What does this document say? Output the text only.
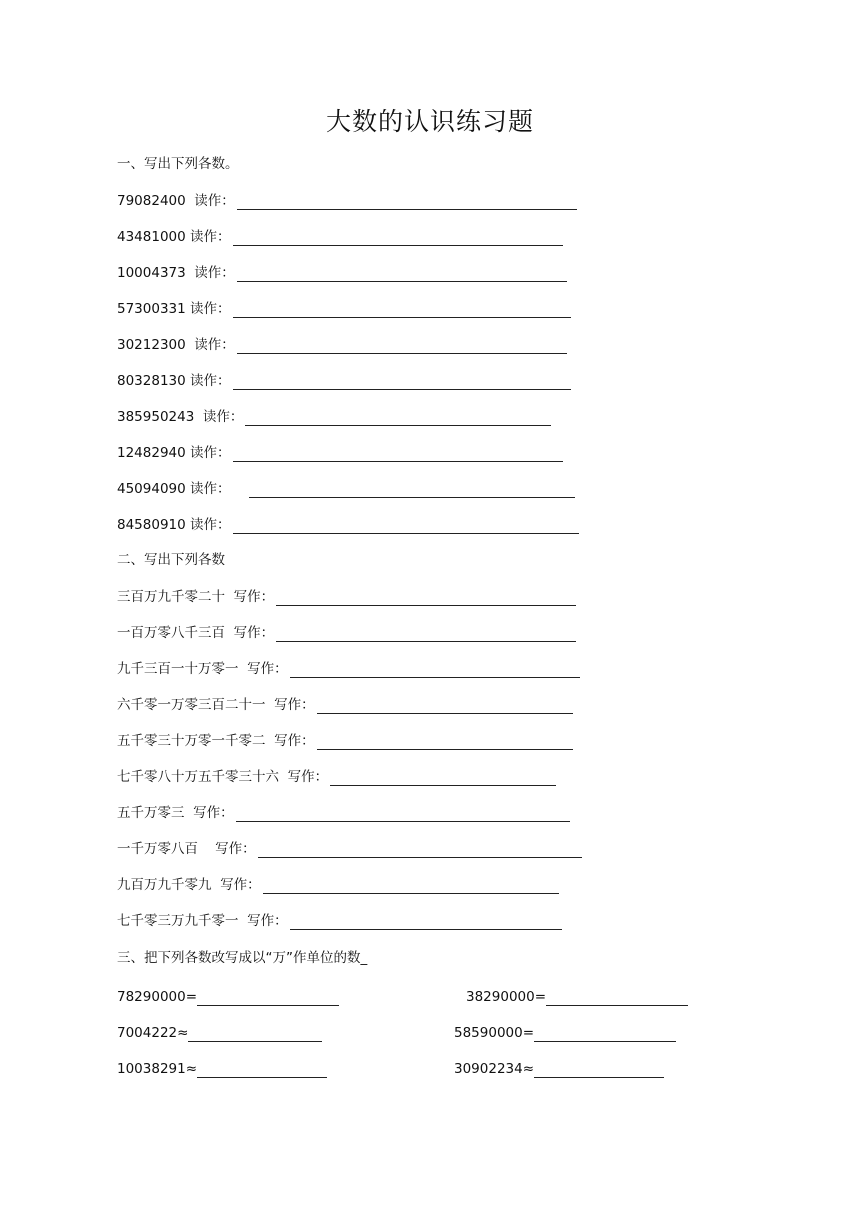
大数的认识练习题
一、写出下列各数。
79082400  读作：
43481000 读作：
10004373  读作：
57300331 读作：
30212300  读作：
80328130 读作：
385950243  读作：
12482940 读作：
45094090 读作：
84580910 读作：
二、写出下列各数
三百万九千零二十  写作：
一百万零八千三百  写作：
九千三百一十万零一  写作：
六千零一万零三百二十一  写作：
五千零三十万零一千零二  写作：
七千零八十万五千零三十六  写作：
五千万零三  写作：
一千万零八百    写作：
九百万九千零九  写作：
七千零三万九千零一  写作：
三、把下列各数改写成以“万”作单位的数_
78290000=	38290000=
7004222≈	58590000=
10038291≈	30902234≈
